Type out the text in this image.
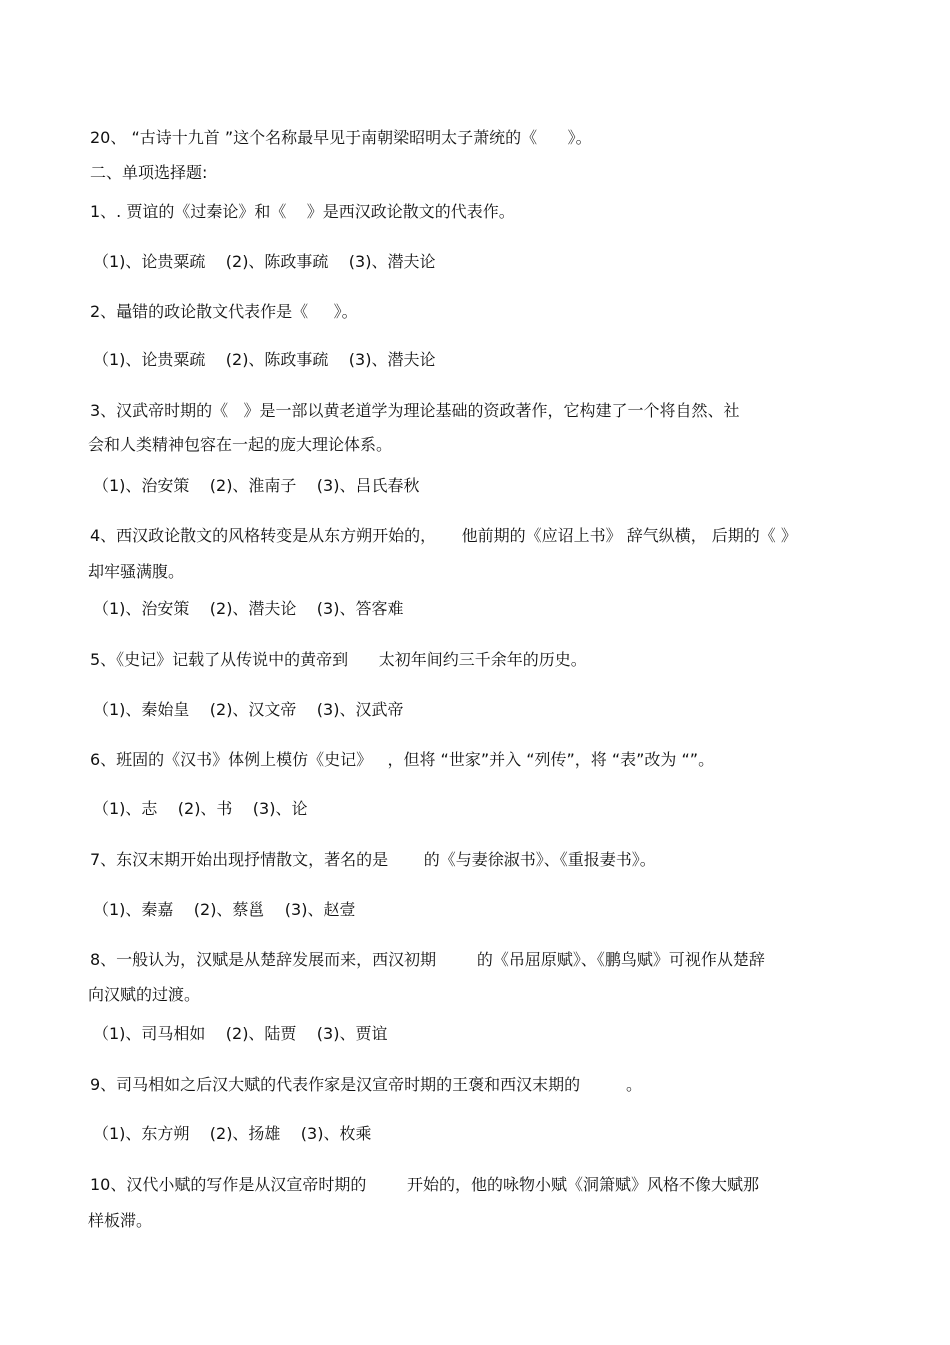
20、 “古诗十九首 ”这个名称最早见于南朝梁昭明太子萧统的《      》。

二、单项选择题:

1、. 贾谊的《过秦论》和《    》是西汉政论散文的代表作。

（1)、论贵粟疏    (2)、陈政事疏    (3)、潜夫论

2、鼂错的政论散文代表作是《     》。

（1)、论贵粟疏    (2)、陈政事疏    (3)、潜夫论

3、汉武帝时期的《   》是一部以黄老道学为理论基础的资政著作，它构建了一个将自然、社

会和人类精神包容在一起的庞大理论体系。

（1)、治安策    (2)、淮南子    (3)、吕氏春秋

4、西汉政论散文的风格转变是从东方朔开始的，     他前期的《应诏上书》 辞气纵横， 后期的《 》

却牢骚满腹。

（1)、治安策    (2)、潜夫论    (3)、答客难

5、《史记》记载了从传说中的黄帝到      太初年间约三千余年的历史。

（1)、秦始皇    (2)、汉文帝    (3)、汉武帝

6、班固的《汉书》体例上模仿《史记》   ，但将 “世家”并入 “列传”，将 “表”改为 “”。

（1)、志    (2)、书    (3)、论

7、东汉末期开始出现抒情散文，著名的是       的《与妻徐淑书》、《重报妻书》。

（1)、秦嘉    (2)、蔡邕    (3)、赵壹

8、一般认为，汉赋是从楚辞发展而来，西汉初期        的《吊屈原赋》、《鹏鸟赋》可视作从楚辞

向汉赋的过渡。

（1)、司马相如    (2)、陆贾    (3)、贾谊

9、司马相如之后汉大赋的代表作家是汉宣帝时期的王褒和西汉末期的         。

（1)、东方朔    (2)、扬雄    (3)、枚乘

10、汉代小赋的写作是从汉宣帝时期的        开始的，他的咏物小赋《洞箫赋》风格不像大赋那

样板滞。
